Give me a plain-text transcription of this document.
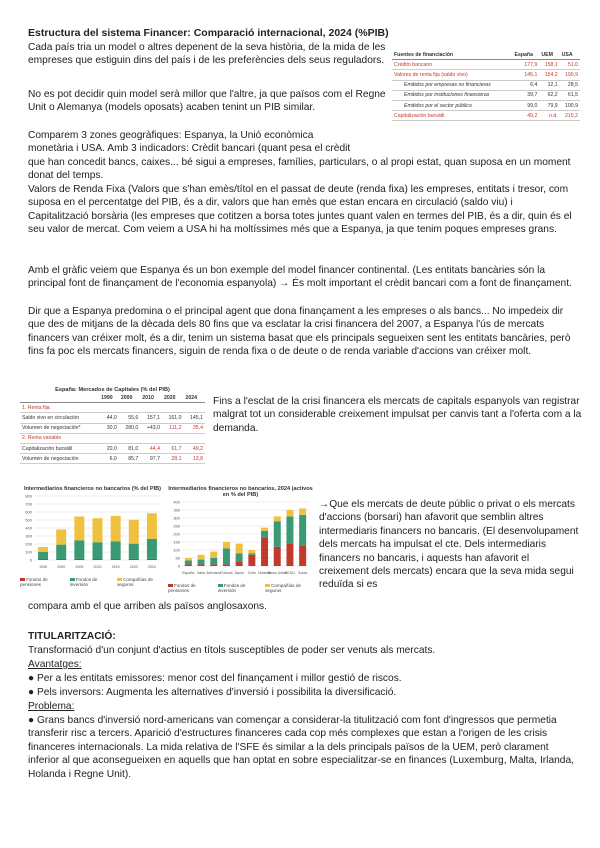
Estructura del sistema Financer: Comparació internacional, 2024 (%PIB)
Cada país tria un model o altres depenent de la seva història, de la mida de les empreses que estiguin dins del país i de les preferències dels seus reguladors.
No es pot decidir quin model serà millor que l'altre, ja que països com el Regne Unit o Alemanya (models oposats) acaben tenint un PIB similar.
Comparem 3 zones geogràfiques: Espanya, la Unió econòmica monetària i USA. Amb 3 indicadors: Crèdit bancari (quant pesa el crèdit
Fuentes de financiación	España	UEM	USA
Crédito bancario	177,9	158,1	51,0
Valores de renta fija (saldo vivo)	145,1	154,2	190,9
Emitidos por empresas no financieras	6,4	12,1	28,5
Emitidos por instituciones financieras	39,7	62,2	61,5
Emitidos por el sector público	99,0	79,9	100,9
Capitalización bursátil	49,2	n.d.	215,2
que han concedit bancs, caixes... bé sigui a empreses, famílies, particulars, o al propi estat, quan suposa en un moment donat del temps.
Valors de Renda Fixa (Valors que s'han emès/títol en el passat de deute (renda fixa) les empreses, entitats i tresor, com suposa en el percentatge del PIB, és a dir, valors que han emès que estan encara en circulació (saldo viu) i Capitalització borsària (les empreses que cotitzen a borsa totes juntes quant valen en termes del PIB, és a dir, quin és el seu valor de mercat. Com veiem a USA hi ha moltíssimes més que a Espanya, ja que tenim poques empreses grans.
Amb el gràfic veiem que Espanya és un bon exemple del model financer continental. (Les entitats bancàries són la principal font de finançament de l'economia espanyola) → És molt important el crèdit bancari com a font de finançament.
Dir que a Espanya predomina o el principal agent que dona finançament a les empreses o als bancs... No impedeix dir que des de mitjans de la dècada dels 80 fins que va esclatar la crisi financera del 2007, a Espanya l'ús de mercats financers van créixer molt, és a dir, tenim un sistema basat que els principals segueixen sent les entitats bancàries, però fins fa poc els mercats financers, siguin de renda fixa o de deute o de renda variable d'accions van créixer molt.
España: Mercados de Capitales (% del PIB)
	1990	2000	2010	2020	2024
1. Renta fija					
Saldo vivo en circulación	44,0	55,6	157,1	161,0	145,1
Volumen de negociación*	30,0	280,0	+43,0	111,2	35,4
2. Renta variable					
Capitalización bursátil	20,0	81,0	44,4	61,7	49,2
Volumen de negociación	6,0	85,7	97,7	28,1	13,8
Fins a l'esclat de la crisi financera els mercats de capitals espanyols van registrar malgrat tot un considerable creixement impulsat per canvis tant a l'oferta com a la demanda.
Intermediarios financieros no bancarios (% del PIB)
0
100
200
300
400
500
600
700
800
1995	2000	2005	2010	2015	2020	2024
Fondos de pensiones
Fondos de inversión
Compañías de seguros
Intermediarios financieros no bancarios, 2024 (activos en % del PIB)
0
50
100
150
200
250
300
350
400
España Italia Alemania Francia Japón Chile Holanda
Reino Unido
EEUU Suiza
Fondos de pensiones
Fondos de inversión
Compañías de seguros
→Que els mercats de deute públic o privat o els mercats d'accions (borsari) han afavorit que semblin altres intermediaris financers no bancaris. (El desenvolupament dels mercats ha impulsat el cte. Dels intermediaris financers no bancaris, i aquests han afavorit el creixement dels mercats) encara que la seva mida segui reduïda si es
compara amb el que arriben als països anglosaxons.
TITULARITZACIÓ:
Transformació d'un conjunt d'actius en títols susceptibles de poder ser venuts als mercats.
Avantatges:
● Per a les entitats emissores: menor cost del finançament i millor gestió de riscos.
● Pels inversors: Augmenta les alternatives d'inversió i possibilita la diversificació.
Problema:
● Grans bancs d'inversió nord-americans van començar a considerar-la titulització com font d'ingressos que permetia transferir risc a tercers. Aparició d'estructures financeres cada cop més complexes que estan a l'origen de les crisis financeres internacionals. La mida relativa de l'SFE és similar a la dels principals països de la UEM, però clarament inferior al que aconsegueixen en aquells que han optat en sobre especialitzar-se en finances (Luxemburg, Malta, Irlanda, Holanda i Regne Unit).
